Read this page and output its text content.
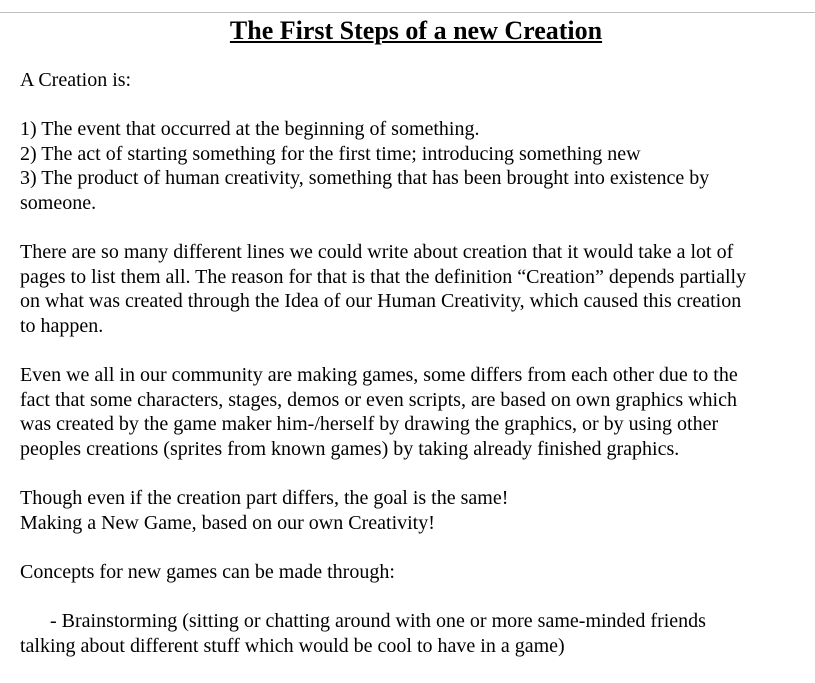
The First Steps of a new Creation
A Creation is:
1) The event that occurred at the beginning of something.
2) The act of starting something for the first time; introducing something new
3) The product of human creativity, something that has been brought into existence by
someone.
There are so many different lines we could write about creation that it would take a lot of
pages to list them all. The reason for that is that the definition “Creation” depends partially
on what was created through the Idea of our Human Creativity, which caused this creation
to happen.
Even we all in our community are making games, some differs from each other due to the
fact that some characters, stages, demos or even scripts, are based on own graphics which
was created by the game maker him-/herself by drawing the graphics, or by using other
peoples creations (sprites from known games) by taking already finished graphics.
Though even if the creation part differs, the goal is the same!
Making a New Game, based on our own Creativity!
Concepts for new games can be made through:
- Brainstorming (sitting or chatting around with one or more same-minded friends
talking about different stuff which would be cool to have in a game)
